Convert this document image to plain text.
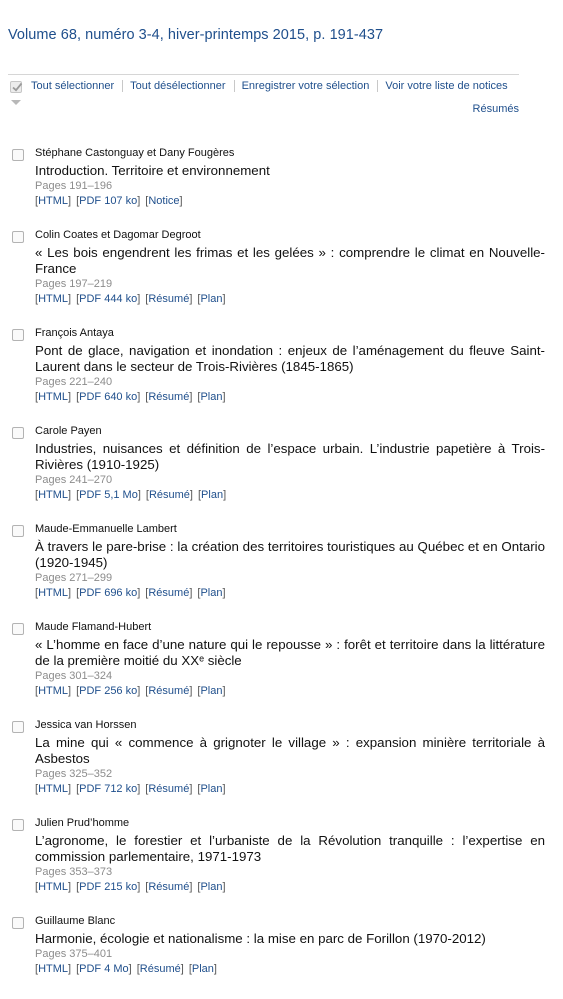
Volume 68, numéro 3-4, hiver-printemps 2015, p. 191-437
Tout sélectionner Tout désélectionner Enregistrer votre sélection Voir votre liste de notices
Résumés
Stéphane Castonguay et Dany Fougères
Introduction. Territoire et environnement
Pages 191–196
[HTML] [PDF 107 ko] [Notice]
Colin Coates et Dagomar Degroot
« Les bois engendrent les frimas et les gelées » : comprendre le climat en Nouvelle-France
Pages 197–219
[HTML] [PDF 444 ko] [Résumé] [Plan]
François Antaya
Pont de glace, navigation et inondation : enjeux de l’aménagement du fleuve Saint-Laurent dans le secteur de Trois-Rivières (1845-1865)
Pages 221–240
[HTML] [PDF 640 ko] [Résumé] [Plan]
Carole Payen
Industries, nuisances et définition de l’espace urbain. L’industrie papetière à Trois-Rivières (1910-1925)
Pages 241–270
[HTML] [PDF 5,1 Mo] [Résumé] [Plan]
Maude-Emmanuelle Lambert
À travers le pare-brise : la création des territoires touristiques au Québec et en Ontario (1920-1945)
Pages 271–299
[HTML] [PDF 696 ko] [Résumé] [Plan]
Maude Flamand-Hubert
« L’homme en face d’une nature qui le repousse » : forêt et territoire dans la littérature de la première moitié du XXᵉ siècle
Pages 301–324
[HTML] [PDF 256 ko] [Résumé] [Plan]
Jessica van Horssen
La mine qui « commence à grignoter le village » : expansion minière territoriale à Asbestos
Pages 325–352
[HTML] [PDF 712 ko] [Résumé] [Plan]
Julien Prud’homme
L’agronome, le forestier et l’urbaniste de la Révolution tranquille : l’expertise en commission parlementaire, 1971-1973
Pages 353–373
[HTML] [PDF 215 ko] [Résumé] [Plan]
Guillaume Blanc
Harmonie, écologie et nationalisme : la mise en parc de Forillon (1970-2012)
Pages 375–401
[HTML] [PDF 4 Mo] [Résumé] [Plan]
